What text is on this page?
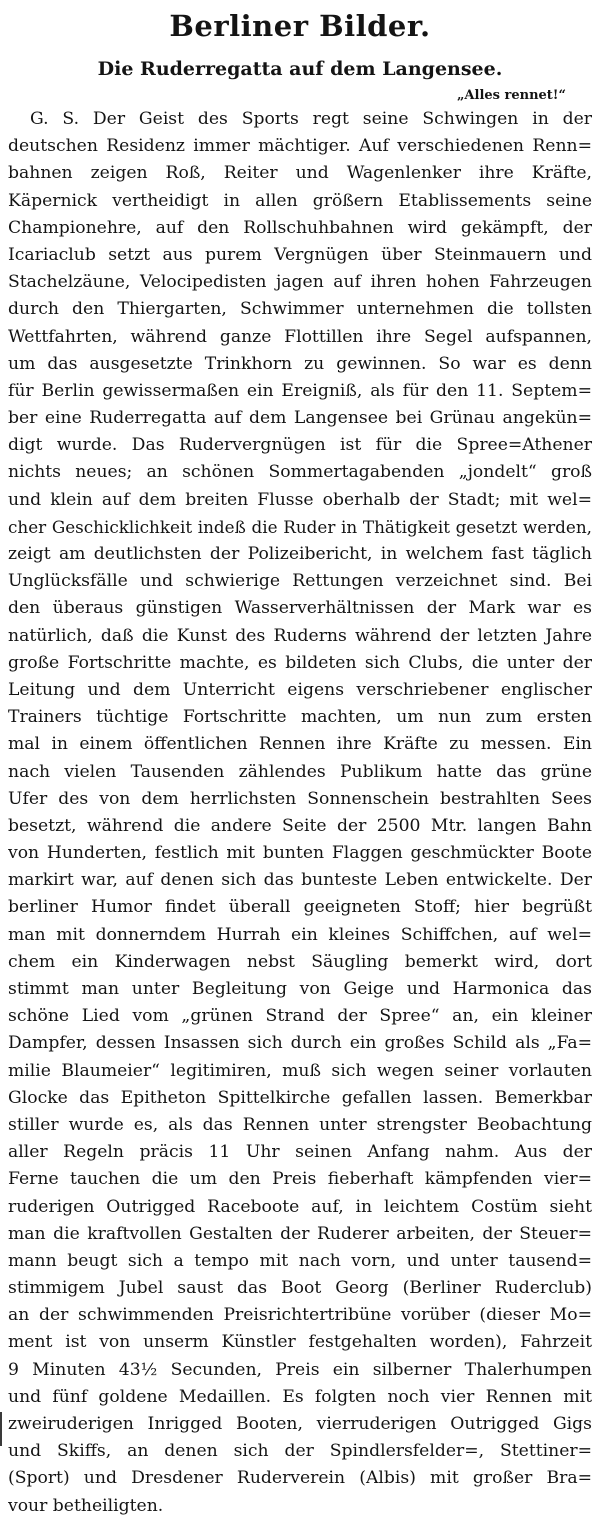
Berliner Bilder.
Die Ruderregatta auf dem Langensee.
„Alles rennet!“
G. S. Der Geist des Sports regt seine Schwingen in der
deutschen Residenz immer mächtiger. Auf verschiedenen Renn=
bahnen zeigen Roß, Reiter und Wagenlenker ihre Kräfte,
Käpernick vertheidigt in allen größern Etablissements seine
Championehre, auf den Rollschuhbahnen wird gekämpft, der
Icariaclub setzt aus purem Vergnügen über Steinmauern und
Stachelzäune, Velocipedisten jagen auf ihren hohen Fahrzeugen
durch den Thiergarten, Schwimmer unternehmen die tollsten
Wettfahrten, während ganze Flottillen ihre Segel aufspannen,
um das ausgesetzte Trinkhorn zu gewinnen. So war es denn
für Berlin gewissermaßen ein Ereigniß, als für den 11. Septem=
ber eine Ruderregatta auf dem Langensee bei Grünau angekün=
digt wurde. Das Rudervergnügen ist für die Spree=Athener
nichts neues; an schönen Sommertagabenden „jondelt“ groß
und klein auf dem breiten Flusse oberhalb der Stadt; mit wel=
cher Geschicklichkeit indeß die Ruder in Thätigkeit gesetzt werden,
zeigt am deutlichsten der Polizeibericht, in welchem fast täglich
Unglücksfälle und schwierige Rettungen verzeichnet sind. Bei
den überaus günstigen Wasserverhältnissen der Mark war es
natürlich, daß die Kunst des Ruderns während der letzten Jahre
große Fortschritte machte, es bildeten sich Clubs, die unter der
Leitung und dem Unterricht eigens verschriebener englischer
Trainers tüchtige Fortschritte machten, um nun zum ersten
mal in einem öffentlichen Rennen ihre Kräfte zu messen. Ein
nach vielen Tausenden zählendes Publikum hatte das grüne
Ufer des von dem herrlichsten Sonnenschein bestrahlten Sees
besetzt, während die andere Seite der 2500 Mtr. langen Bahn
von Hunderten, festlich mit bunten Flaggen geschmückter Boote
markirt war, auf denen sich das bunteste Leben entwickelte. Der
berliner Humor findet überall geeigneten Stoff; hier begrüßt
man mit donnerndem Hurrah ein kleines Schiffchen, auf wel=
chem ein Kinderwagen nebst Säugling bemerkt wird, dort
stimmt man unter Begleitung von Geige und Harmonica das
schöne Lied vom „grünen Strand der Spree“ an, ein kleiner
Dampfer, dessen Insassen sich durch ein großes Schild als „Fa=
milie Blaumeier“ legitimiren, muß sich wegen seiner vorlauten
Glocke das Epitheton Spittelkirche gefallen lassen. Bemerkbar
stiller wurde es, als das Rennen unter strengster Beobachtung
aller Regeln präcis 11 Uhr seinen Anfang nahm. Aus der
Ferne tauchen die um den Preis fieberhaft kämpfenden vier=
ruderigen Outrigged Raceboote auf, in leichtem Costüm sieht
man die kraftvollen Gestalten der Ruderer arbeiten, der Steuer=
mann beugt sich a tempo mit nach vorn, und unter tausend=
stimmigem Jubel saust das Boot Georg (Berliner Ruderclub)
an der schwimmenden Preisrichtertribüne vorüber (dieser Mo=
ment ist von unserm Künstler festgehalten worden), Fahrzeit
9 Minuten 43½ Secunden, Preis ein silberner Thalerhumpen
und fünf goldene Medaillen. Es folgten noch vier Rennen mit
zweiruderigen Inrigged Booten, vierruderigen Outrigged Gigs
und Skiffs, an denen sich der Spindlersfelder=, Stettiner=
(Sport) und Dresdener Ruderverein (Albis) mit großer Bra=
vour betheiligten.
